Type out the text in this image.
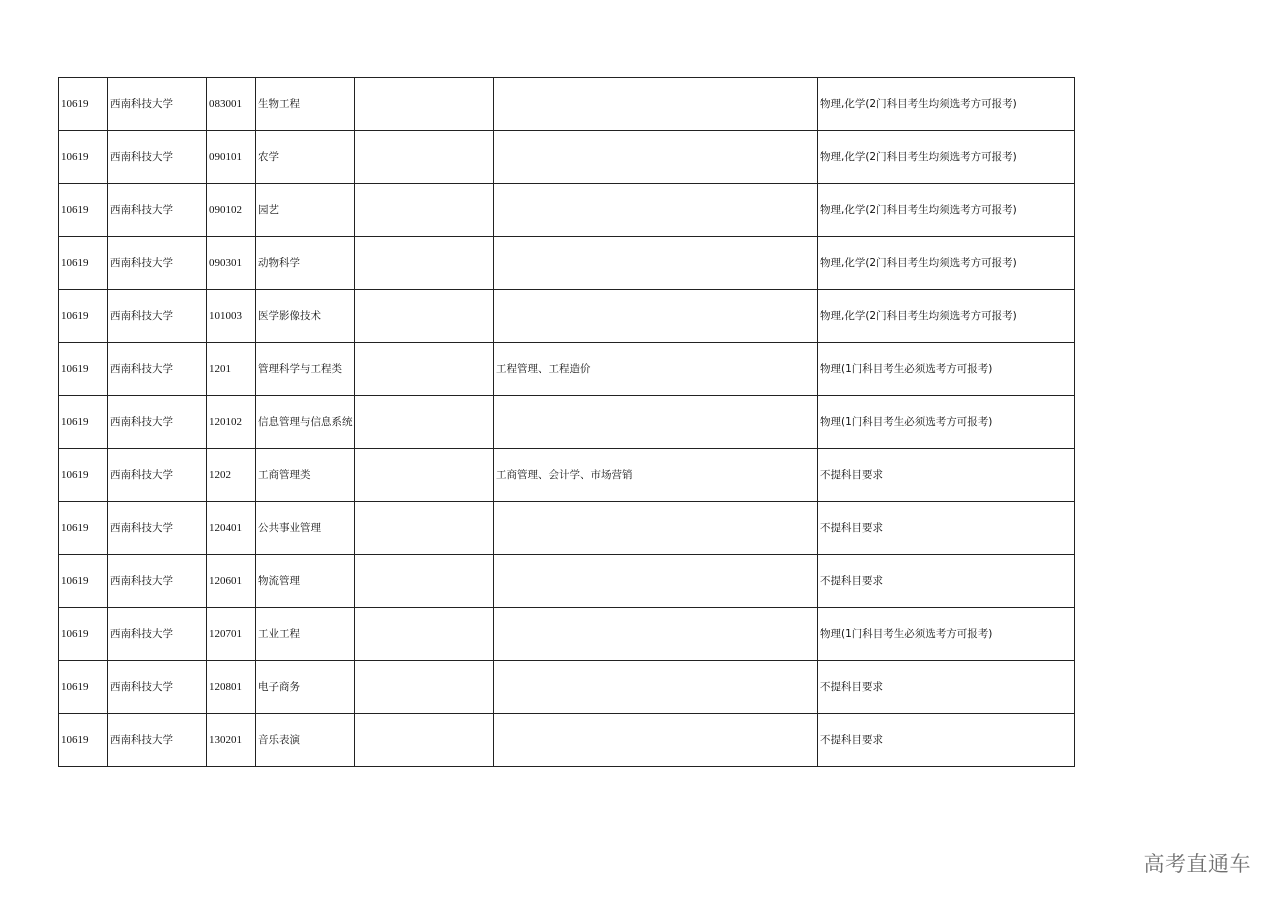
10619	西南科技大学	083001	生物工程			物理,化学(2门科目考生均须选考方可报考)
10619	西南科技大学	090101	农学			物理,化学(2门科目考生均须选考方可报考)
10619	西南科技大学	090102	园艺			物理,化学(2门科目考生均须选考方可报考)
10619	西南科技大学	090301	动物科学			物理,化学(2门科目考生均须选考方可报考)
10619	西南科技大学	101003	医学影像技术			物理,化学(2门科目考生均须选考方可报考)
10619	西南科技大学	1201	管理科学与工程类		工程管理、工程造价	物理(1门科目考生必须选考方可报考)
10619	西南科技大学	120102	信息管理与信息系统			物理(1门科目考生必须选考方可报考)
10619	西南科技大学	1202	工商管理类		工商管理、会计学、市场营销	不提科目要求
10619	西南科技大学	120401	公共事业管理			不提科目要求
10619	西南科技大学	120601	物流管理			不提科目要求
10619	西南科技大学	120701	工业工程			物理(1门科目考生必须选考方可报考)
10619	西南科技大学	120801	电子商务			不提科目要求
10619	西南科技大学	130201	音乐表演			不提科目要求
高考直通车
